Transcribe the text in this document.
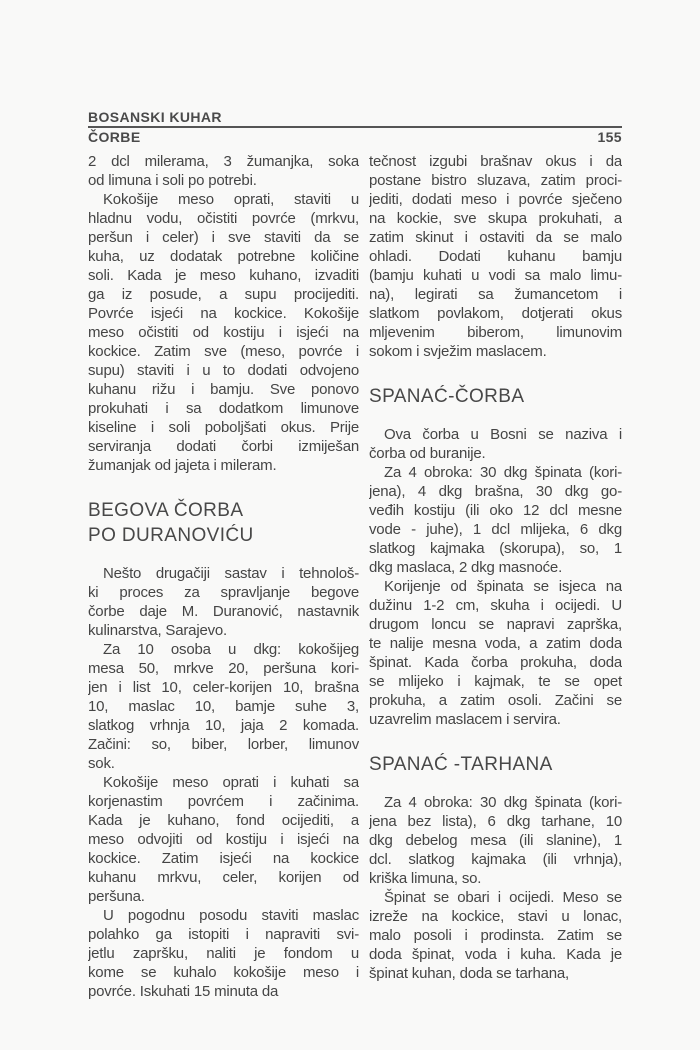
BOSANSKI KUHAR
ČORBE	155
2 dcl milerama, 3 žumanjka, soka
od limuna i soli po potrebi.
Kokošije meso oprati, staviti u
hladnu vodu, očistiti povrće (mrkvu,
peršun i celer) i sve staviti da se
kuha, uz dodatak potrebne količine
soli. Kada je meso kuhano, izvaditi
ga iz posude, a supu procijediti.
Povrće isjeći na kockice. Kokošije
meso očistiti od kostiju i isjeći na
kockice. Zatim sve (meso, povrće i
supu) staviti i u to dodati odvojeno
kuhanu rižu i bamju. Sve ponovo
prokuhati i sa dodatkom limunove
kiseline i soli poboljšati okus. Prije
serviranja dodati čorbi izmiješan
žumanjak od jajeta i mileram.
BEGOVA ČORBA
PO DURANOVIĆU
Nešto drugačiji sastav i tehnološ-
ki proces za spravljanje begove
čorbe daje M. Duranović, nastavnik
kulinarstva, Sarajevo.
Za 10 osoba u dkg: kokošijeg
mesa 50, mrkve 20, peršuna kori-
jen i list 10, celer-korijen 10, brašna
10, maslac 10, bamje suhe 3,
slatkog vrhnja 10, jaja 2 komada.
Začini: so, biber, lorber, limunov
sok.
Kokošije meso oprati i kuhati sa
korjenastim povrćem i začinima.
Kada je kuhano, fond ocijediti, a
meso odvojiti od kostiju i isjeći na
kockice. Zatim isjeći na kockice
kuhanu mrkvu, celer, korijen od
peršuna.
U pogodnu posodu staviti maslac
polahko ga istopiti i napraviti svi-
jetlu zapršku, naliti je fondom u
kome se kuhalo kokošije meso i
povrće. Iskuhati 15 minuta da
tečnost izgubi brašnav okus i da
postane bistro sluzava, zatim proci-
jediti, dodati meso i povrće sječeno
na kockie, sve skupa prokuhati, a
zatim skinut i ostaviti da se malo
ohladi. Dodati kuhanu bamju
(bamju kuhati u vodi sa malo limu-
na), legirati sa žumancetom i
slatkom povlakom, dotjerati okus
mljevenim biberom, limunovim
sokom i svježim maslacem.
SPANAĆ-ČORBA
Ova čorba u Bosni se naziva i
čorba od buranije.
Za 4 obroka: 30 dkg špinata (kori-
jena), 4 dkg brašna, 30 dkg go-
veđih kostiju (ili oko 12 dcl mesne
vode - juhe), 1 dcl mlijeka, 6 dkg
slatkog kajmaka (skorupa), so, 1
dkg maslaca, 2 dkg masnoće.
Korijenje od špinata se isjeca na
dužinu 1-2 cm, skuha i ocijedi. U
drugom loncu se napravi zaprška,
te nalije mesna voda, a zatim doda
špinat. Kada čorba prokuha, doda
se mlijeko i kajmak, te se opet
prokuha, a zatim osoli. Začini se
uzavrelim maslacem i servira.
SPANAĆ -TARHANA
Za 4 obroka: 30 dkg špinata (kori-
jena bez lista), 6 dkg tarhane, 10
dkg debelog mesa (ili slanine), 1
dcl. slatkog kajmaka (ili vrhnja),
kriška limuna, so.
Špinat se obari i ocijedi. Meso se
izreže na kockice, stavi u lonac,
malo posoli i prodinsta. Zatim se
doda špinat, voda i kuha. Kada je
špinat kuhan, doda se tarhana,
